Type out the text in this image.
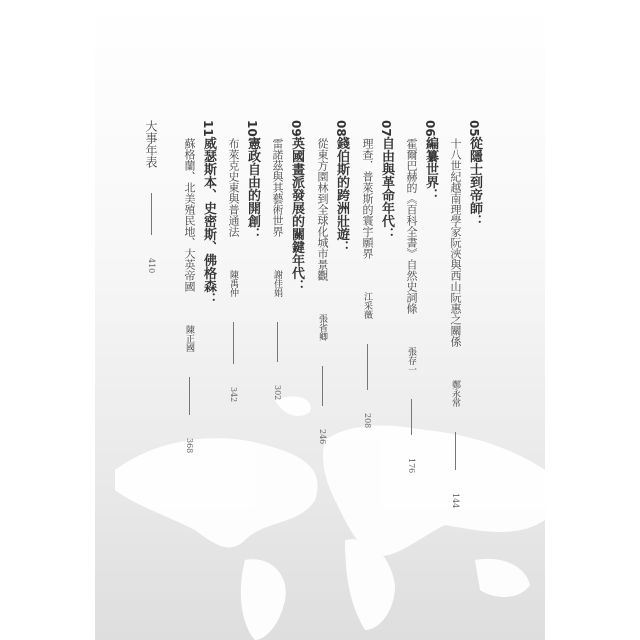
05從隱士到帝師：
十八世紀越南理學家阮浹與西山阮惠之關係 鄭永常  144
06編纂世界：
霍爾巴赫的《百科全書》自然史詞條 張存一  176
07自由與革命年代：
理查．普萊斯的寰宇願界 江采薇  208
08錢伯斯的跨洲壯遊：
從東方園林到全球化城市景觀 張省卿  246
09英國畫派發展的關鍵年代：
雷諾茲與其藝術世界 謝佳娟  302
10憲政自由的開創：
布萊克史東與普通法 陳禹仲  342
11威瑟斯本、史密斯、佛格森：
蘇格蘭、北美殖民地、大英帝國 陳正國  368
大事年表  410
